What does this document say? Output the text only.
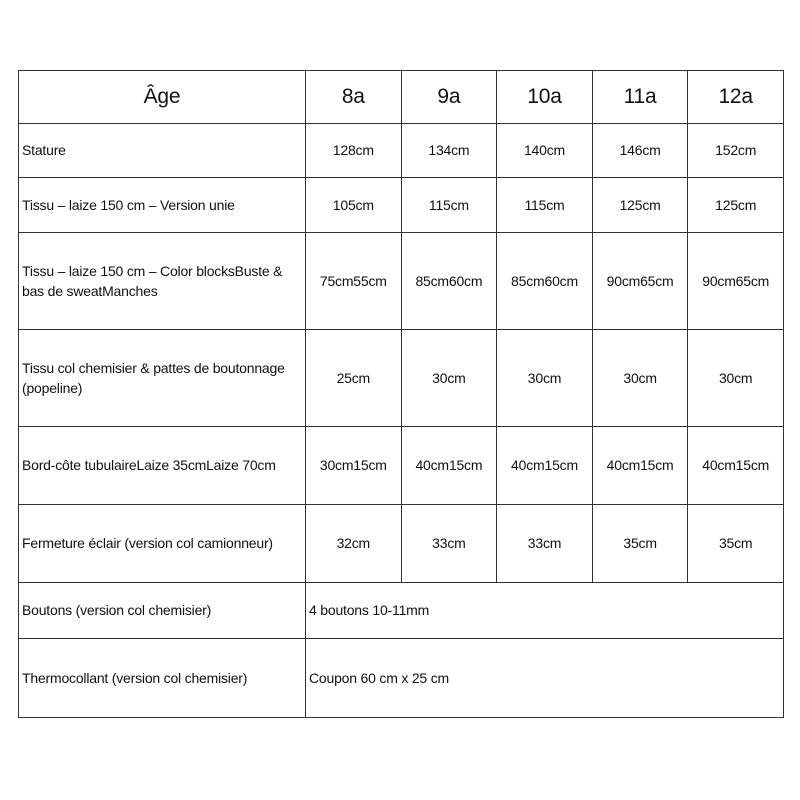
Âge	8a	9a	10a	11a	12a
Stature	128cm	134cm	140cm	146cm	152cm
Tissu – laize 150 cm – Version unie	105cm	115cm	115cm	125cm	125cm
Tissu – laize 150 cm – Color blocksBuste & bas de sweatManches	75cm55cm	85cm60cm	85cm60cm	90cm65cm	90cm65cm
Tissu col chemisier & pattes de boutonnage (popeline)	25cm	30cm	30cm	30cm	30cm
Bord-côte tubulaireLaize 35cmLaize 70cm	30cm15cm	40cm15cm	40cm15cm	40cm15cm	40cm15cm
Fermeture éclair (version col camionneur)	32cm	33cm	33cm	35cm	35cm
Boutons (version col chemisier)	4 boutons 10-11mm				
Thermocollant (version col chemisier)	Coupon 60 cm x 25 cm				
